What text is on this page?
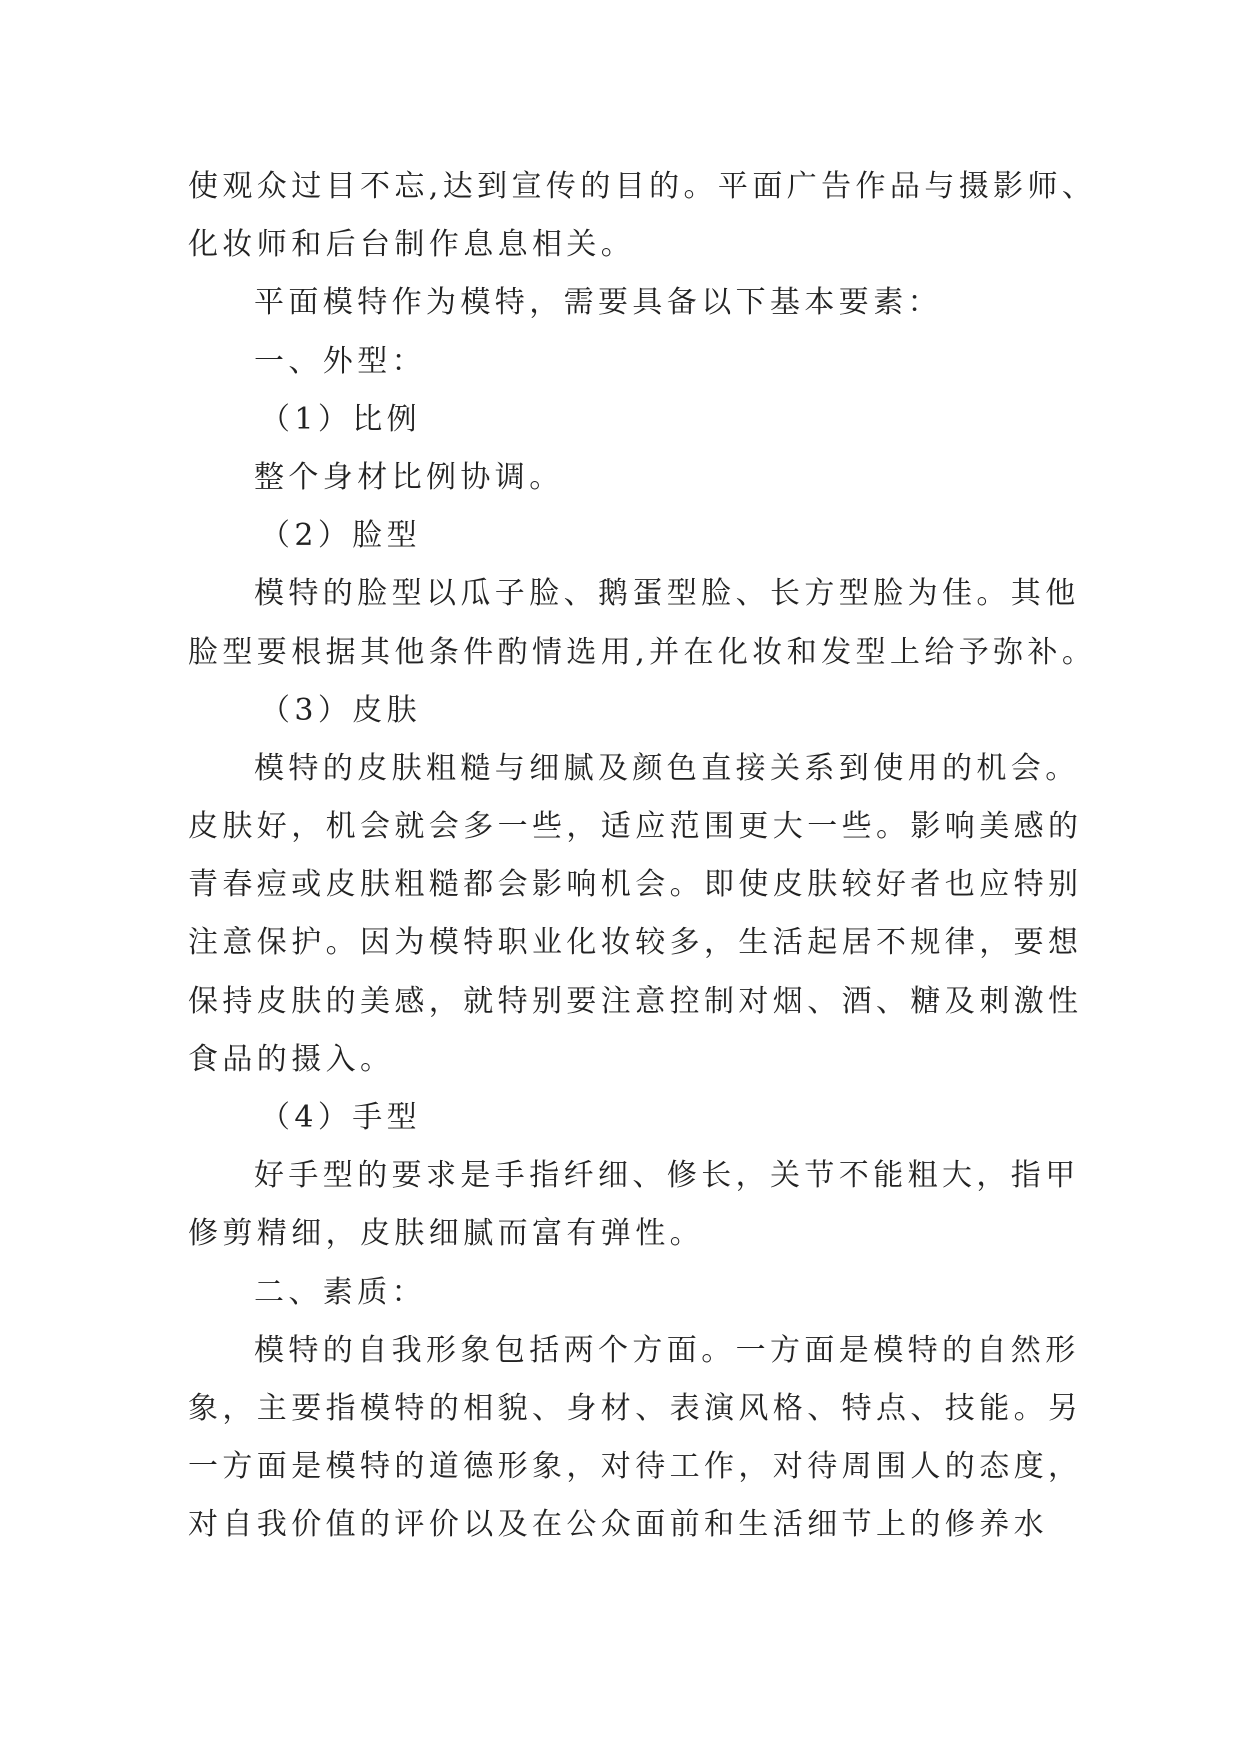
使观众过目不忘,达到宣传的目的。平面广告作品与摄影师、
化妆师和后台制作息息相关。
平面模特作为模特，需要具备以下基本要素：
一、外型：
（1）比例
整个身材比例协调。
（2）脸型
模特的脸型以瓜子脸、鹅蛋型脸、长方型脸为佳。其他
脸型要根据其他条件酌情选用,并在化妆和发型上给予弥补。
（3）皮肤
模特的皮肤粗糙与细腻及颜色直接关系到使用的机会。
皮肤好，机会就会多一些，适应范围更大一些。影响美感的
青春痘或皮肤粗糙都会影响机会。即使皮肤较好者也应特别
注意保护。因为模特职业化妆较多，生活起居不规律，要想
保持皮肤的美感，就特别要注意控制对烟、酒、糖及刺激性
食品的摄入。
（4）手型
好手型的要求是手指纤细、修长，关节不能粗大，指甲
修剪精细，皮肤细腻而富有弹性。
二、素质：
模特的自我形象包括两个方面。一方面是模特的自然形
象，主要指模特的相貌、身材、表演风格、特点、技能。另
一方面是模特的道德形象，对待工作，对待周围人的态度，
对自我价值的评价以及在公众面前和生活细节上的修养水
